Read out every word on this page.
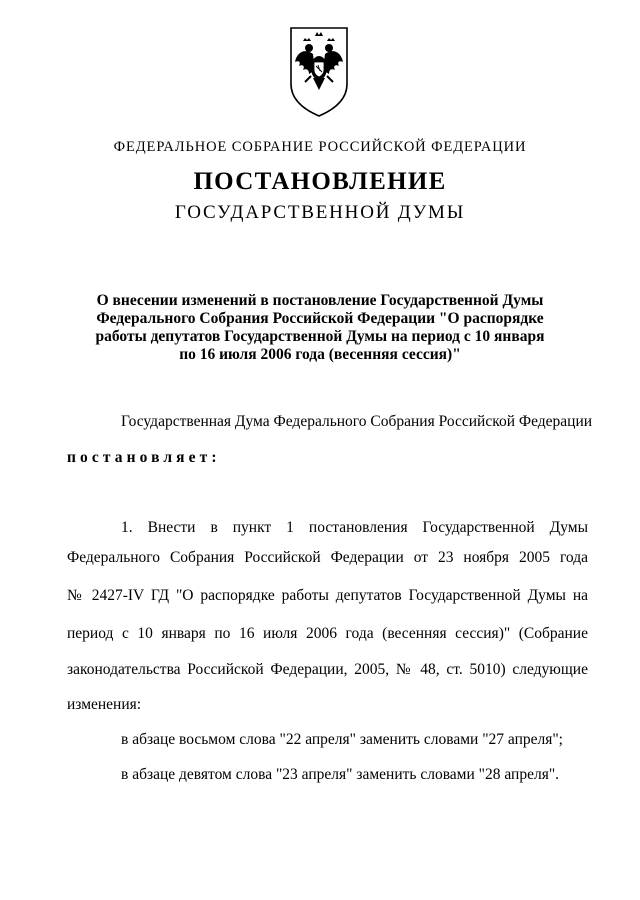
ФЕДЕРАЛЬНОЕ СОБРАНИЕ РОССИЙСКОЙ ФЕДЕРАЦИИ
ПОСТАНОВЛЕНИЕ
ГОСУДАРСТВЕННОЙ ДУМЫ
О внесении изменений в постановление Государственной Думы
Федерального Собрания Российской Федерации "О распорядке
работы депутатов Государственной Думы на период с 10 января
по 16 июля 2006 года (весенняя сессия)"
Государственная Дума Федерального Собрания Российской Федерации
постановляет:
1. Внести в пункт 1 постановления Государственной Думы
Федерального Собрания Российской Федерации от 23 ноября 2005 года
№ 2427-IV ГД "О распорядке работы депутатов Государственной Думы на
период с 10 января по 16 июля 2006 года (весенняя сессия)" (Собрание
законодательства Российской Федерации, 2005, № 48, ст. 5010) следующие
изменения:
в абзаце восьмом слова "22 апреля" заменить словами "27 апреля";
в абзаце девятом слова "23 апреля" заменить словами "28 апреля".
